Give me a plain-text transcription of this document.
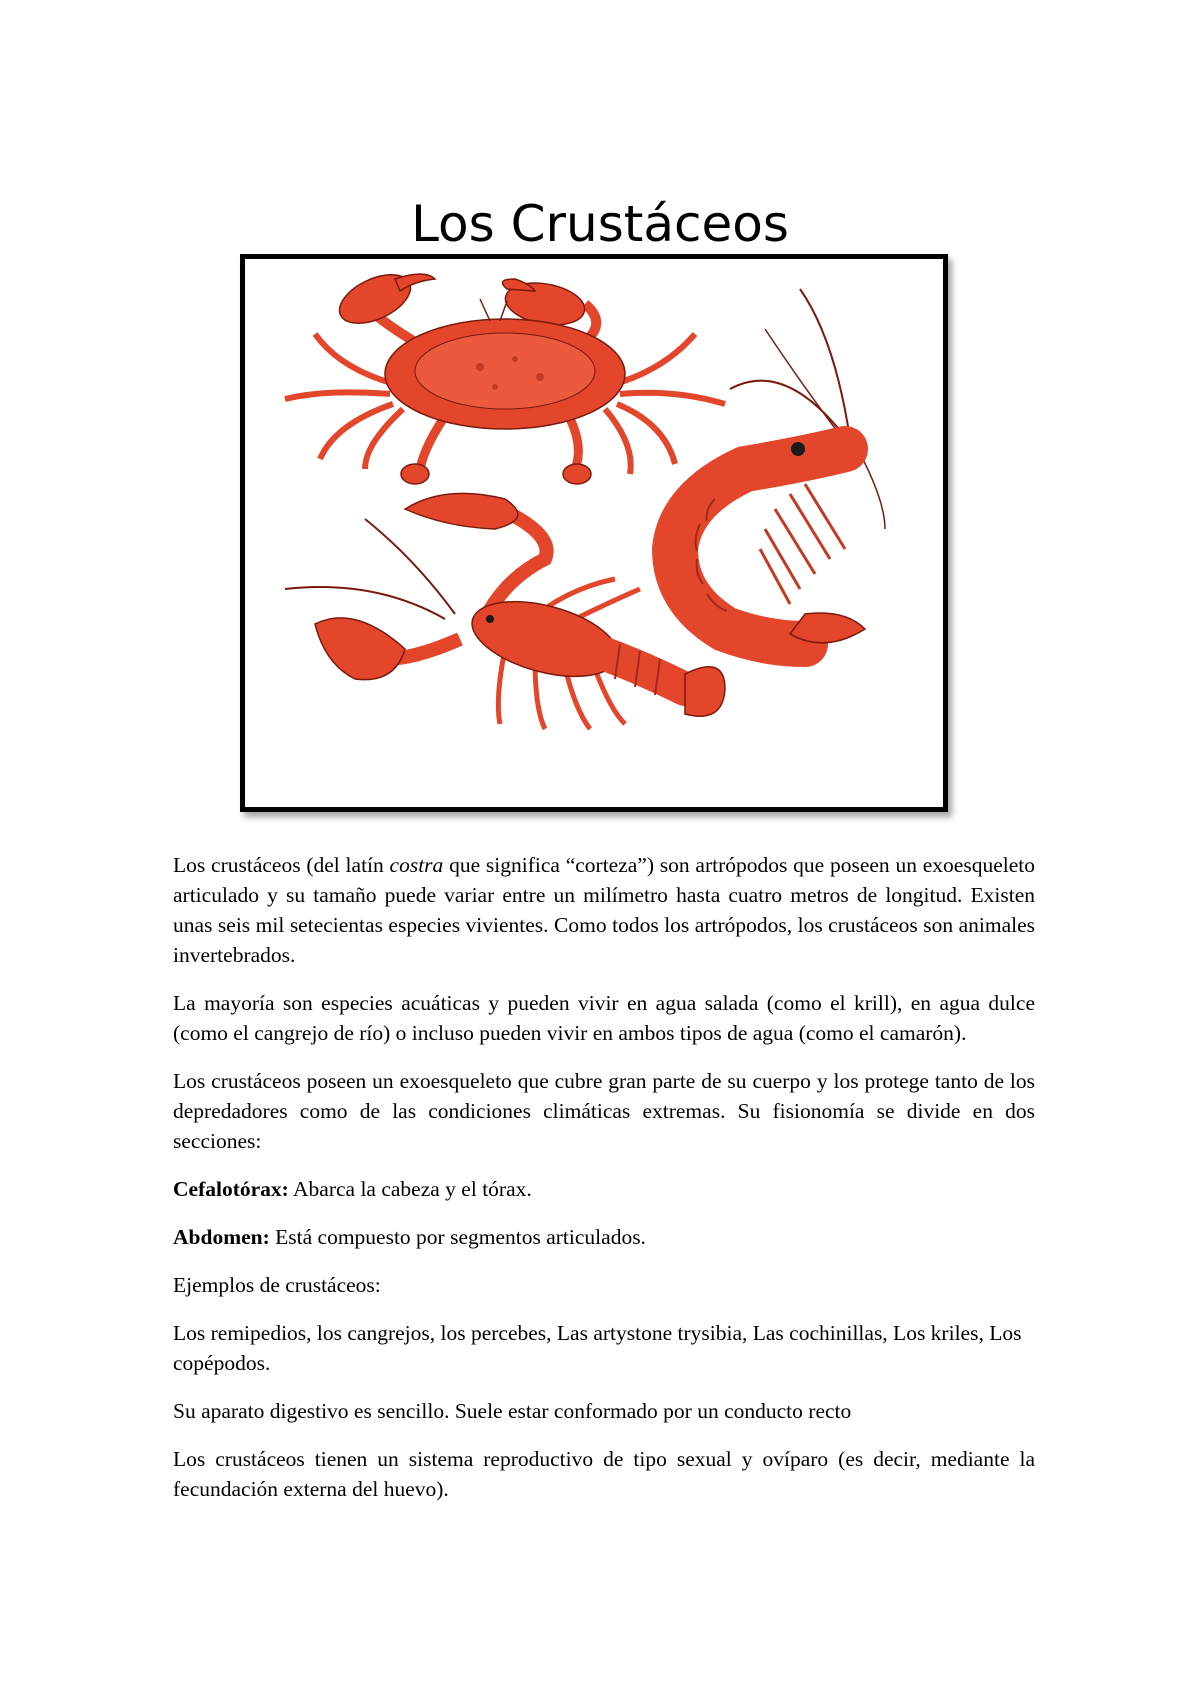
Los Crustáceos

Los crustáceos (del latín costra que significa “corteza”) son artrópodos que poseen un exoesqueleto articulado y su tamaño puede variar entre un milímetro hasta cuatro metros de longitud. Existen unas seis mil setecientas especies vivientes. Como todos los artrópodos, los crustáceos son animales invertebrados.

La mayoría son especies acuáticas y pueden vivir en agua salada (como el krill), en agua dulce (como el cangrejo de río) o incluso pueden vivir en ambos tipos de agua (como el camarón).

Los crustáceos poseen un exoesqueleto que cubre gran parte de su cuerpo y los protege tanto de los depredadores como de las condiciones climáticas extremas. Su fisionomía se divide en dos secciones:

Cefalotórax: Abarca la cabeza y el tórax.

Abdomen: Está compuesto por segmentos articulados.

Ejemplos de crustáceos:

Los remipedios, los cangrejos, los percebes, Las artystone trysibia, Las cochinillas, Los kriles, Los copépodos.

Su aparato digestivo es sencillo. Suele estar conformado por un conducto recto

Los crustáceos tienen un sistema reproductivo de tipo sexual y ovíparo (es decir, mediante la fecundación externa del huevo).
